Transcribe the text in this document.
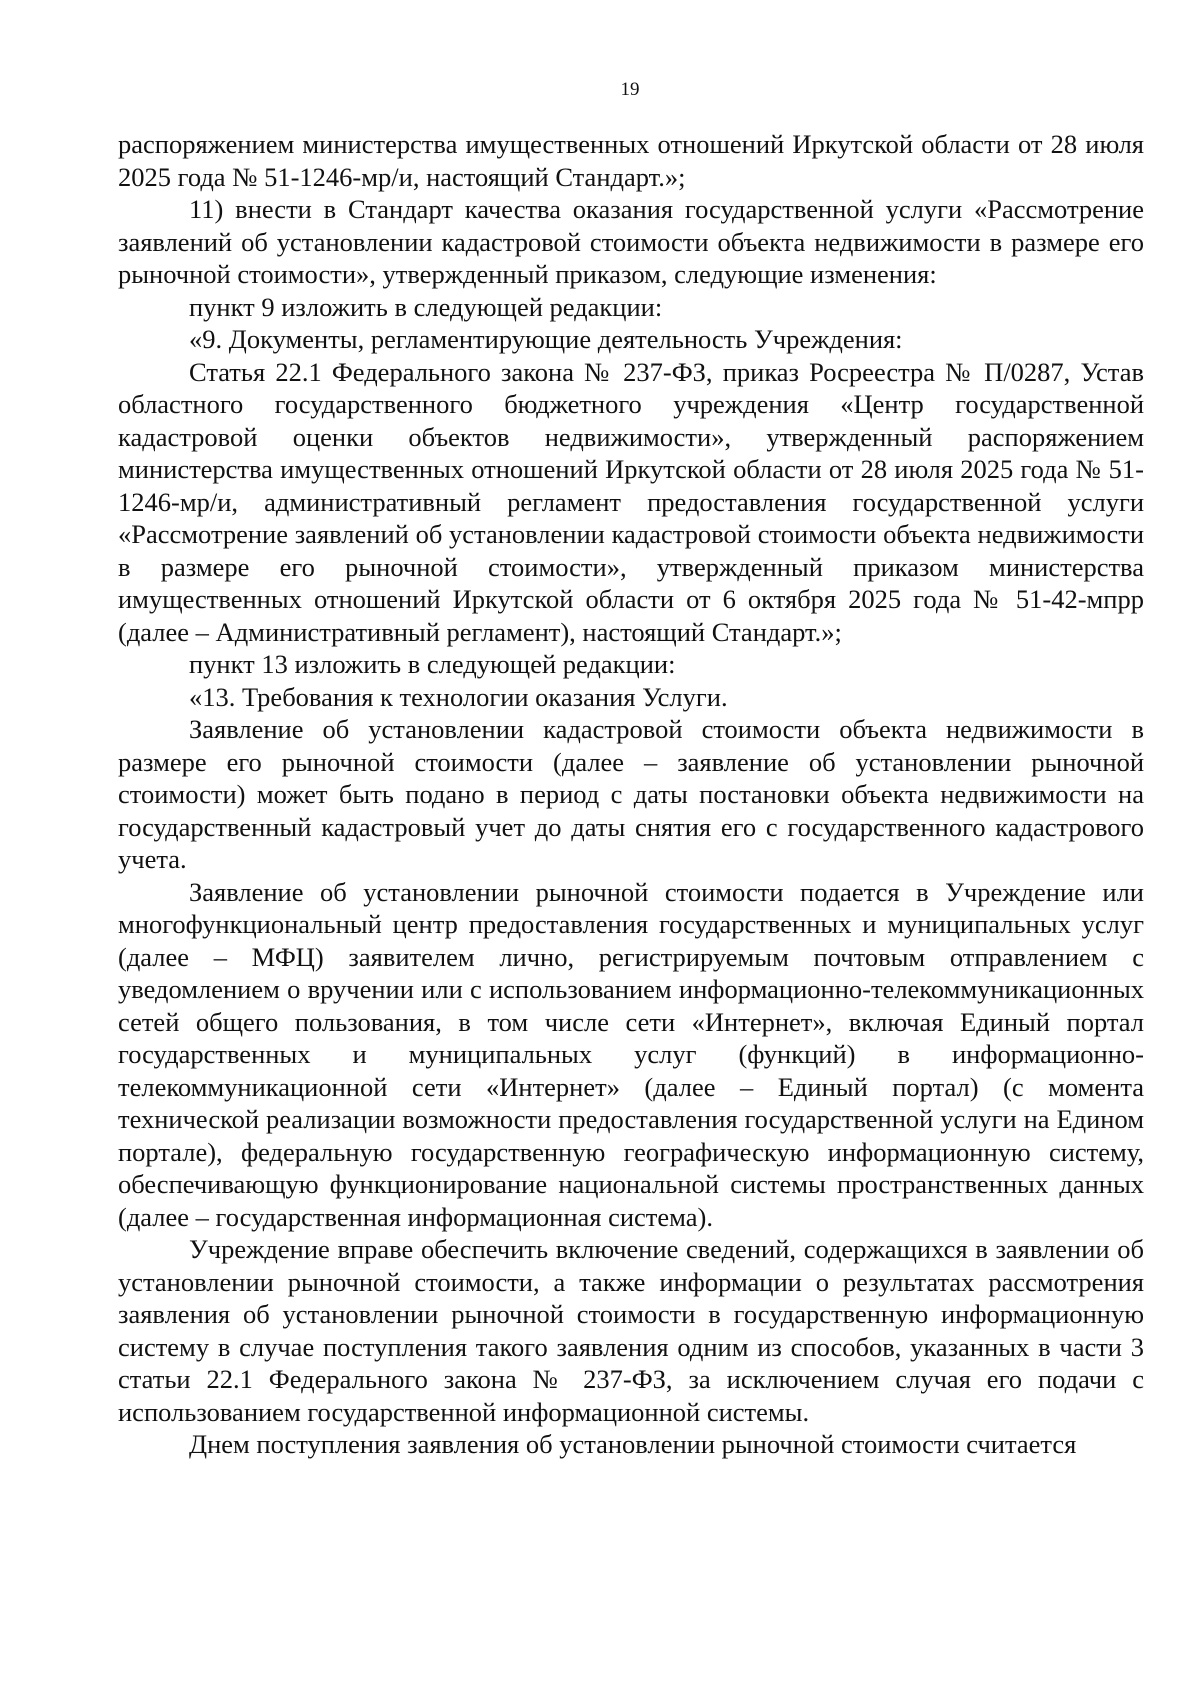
19

распоряжением министерства имущественных отношений Иркутской области от 28 июля 2025 года № 51-1246-мр/и, настоящий Стандарт.»;

11) внести в Стандарт качества оказания государственной услуги «Рассмотрение заявлений об установлении кадастровой стоимости объекта недвижимости в размере его рыночной стоимости», утвержденный приказом, следующие изменения:

пункт 9 изложить в следующей редакции:

«9. Документы, регламентирующие деятельность Учреждения:

Статья 22.1 Федерального закона № 237-ФЗ, приказ Росреестра № П/0287, Устав областного государственного бюджетного учреждения «Центр государственной кадастровой оценки объектов недвижимости», утвержденный распоряжением министерства имущественных отношений Иркутской области от 28 июля 2025 года № 51-1246-мр/и, административный регламент предоставления государственной услуги «Рассмотрение заявлений об установлении кадастровой стоимости объекта недвижимости в размере его рыночной стоимости», утвержденный приказом министерства имущественных отношений Иркутской области от 6 октября 2025 года № 51-42-мпрр (далее – Административный регламент), настоящий Стандарт.»;

пункт 13 изложить в следующей редакции:

«13. Требования к технологии оказания Услуги.

Заявление об установлении кадастровой стоимости объекта недвижимости в размере его рыночной стоимости (далее – заявление об установлении рыночной стоимости) может быть подано в период с даты постановки объекта недвижимости на государственный кадастровый учет до даты снятия его с государственного кадастрового учета.

Заявление об установлении рыночной стоимости подается в Учреждение или многофункциональный центр предоставления государственных и муниципальных услуг (далее – МФЦ) заявителем лично, регистрируемым почтовым отправлением с уведомлением о вручении или с использованием информационно-телекоммуникационных сетей общего пользования, в том числе сети «Интернет», включая Единый портал государственных и муниципальных услуг (функций) в информационно-телекоммуникационной сети «Интернет» (далее – Единый портал) (с момента технической реализации возможности предоставления государственной услуги на Едином портале), федеральную государственную географическую информационную систему, обеспечивающую функционирование национальной системы пространственных данных (далее – государственная информационная система).

Учреждение вправе обеспечить включение сведений, содержащихся в заявлении об установлении рыночной стоимости, а также информации о результатах рассмотрения заявления об установлении рыночной стоимости в государственную информационную систему в случае поступления такого заявления одним из способов, указанных в части 3 статьи 22.1 Федерального закона № 237-ФЗ, за исключением случая его подачи с использованием государственной информационной системы.

Днем поступления заявления об установлении рыночной стоимости считается
